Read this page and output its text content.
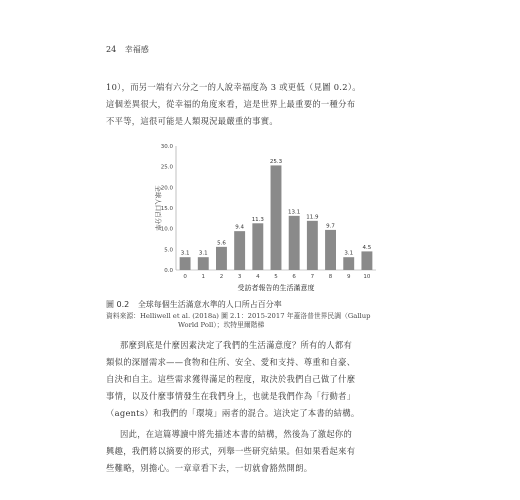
24 幸福感

10），而另一端有六分之一的人說幸福度為 3 或更低（見圖 0.2）。

這個差異很大，從幸福的角度來看，這是世界上最重要的一種分布

不平等，這很可能是人類現況最嚴重的事實。

0.0
5.0
10.0
15.0
20.0
25.0
30.0
全球人口百分率
3.1
0
3.1
1
5.6
2
9.4
3
11.3
4
25.3
5
13.1
6
11.9
7
9.7
8
3.1
9
4.5
10
受訪者報告的生活滿意度
圖 0.2 全球每個生活滿意水準的人口所占百分率
資料來源：Helliwell et al. (2018a) 圖 2.1：2015-2017 年蓋洛普世界民調（Gallup
World Poll）；坎特里爾階梯

那麼到底是什麼因素決定了我們的生活滿意度？所有的人都有

類似的深層需求——食物和住所、安全、愛和支持、尊重和自豪、

自決和自主。這些需求獲得滿足的程度，取決於我們自己做了什麼

事情，以及什麼事情發生在我們身上，也就是我們作為「行動者」

（agents）和我們的「環境」兩者的混合。這決定了本書的結構。

因此，在這篇導讀中將先描述本書的結構，然後為了激起你的

興趣，我們將以摘要的形式，列舉一些研究結果。但如果看起來有

些難略，別擔心。一章章看下去，一切就會豁然開朗。
